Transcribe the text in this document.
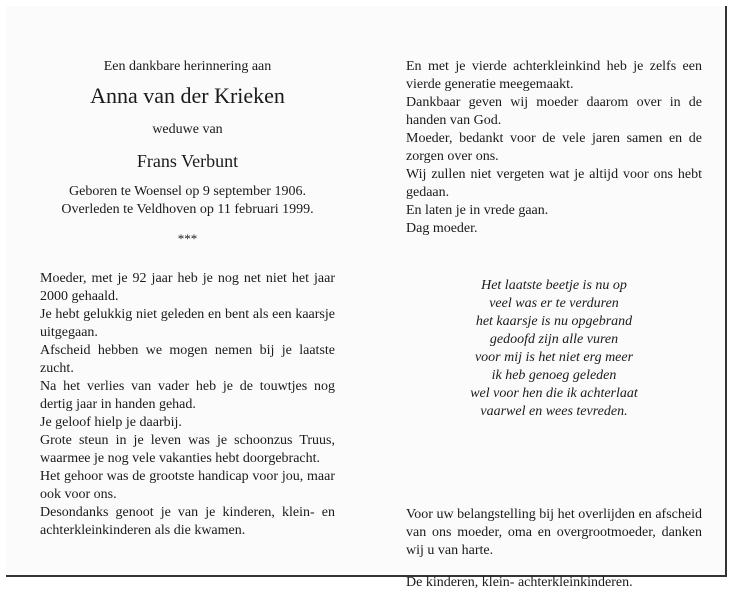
Een dankbare herinnering aan

Anna van der Krieken

weduwe van

Frans Verbunt

Geboren te Woensel op 9 september 1906.

Overleden te Veldhoven op 11 februari 1999.

***

Moeder, met je 92 jaar heb je nog net niet het jaar 2000 gehaald.

Je hebt gelukkig niet geleden en bent als een kaarsje uitgegaan.

Afscheid hebben we mogen nemen bij je laatste zucht.

Na het verlies van vader heb je de touwtjes nog dertig jaar in handen gehad.

Je geloof hielp je daarbij.

Grote steun in je leven was je schoonzus Truus, waarmee je nog vele vakanties hebt doorgebracht.

Het gehoor was de grootste handicap voor jou, maar ook voor ons.

Desondanks genoot je van je kinderen, klein- en achterkleinkinderen als die kwamen.

En met je vierde achterkleinkind heb je zelfs een vierde generatie meegemaakt.

Dankbaar geven wij moeder daarom over in de handen van God.

Moeder, bedankt voor de vele jaren samen en de zorgen over ons.

Wij zullen niet vergeten wat je altijd voor ons hebt gedaan.

En laten je in vrede gaan.

Dag moeder.

Het laatste beetje is nu op

veel was er te verduren

het kaarsje is nu opgebrand

gedoofd zijn alle vuren

voor mij is het niet erg meer

ik heb genoeg geleden

wel voor hen die ik achterlaat

vaarwel en wees tevreden.

Voor uw belangstelling bij het overlijden en afscheid van ons moeder, oma en overgrootmoeder, danken wij u van harte.

De kinderen, klein- achterkleinkinderen.
